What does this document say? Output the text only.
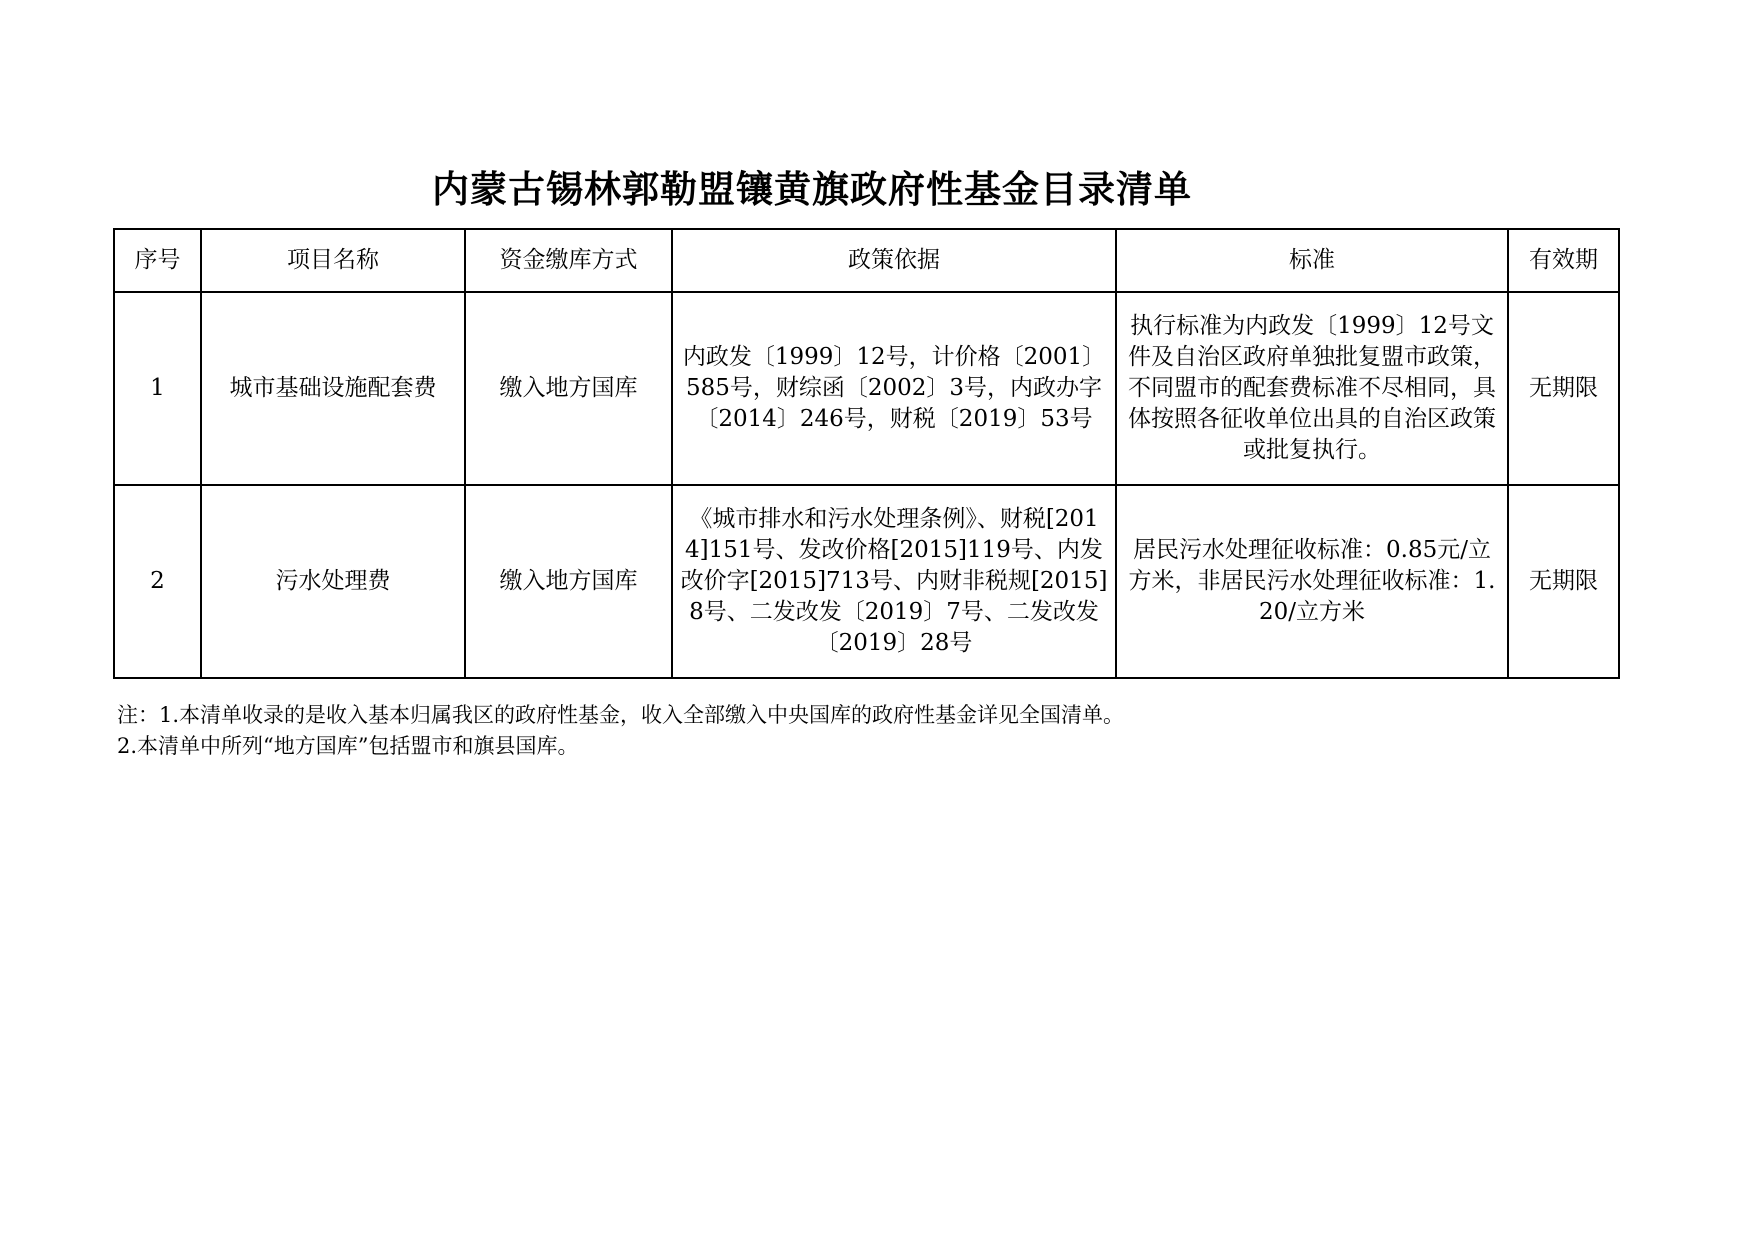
内蒙古锡林郭勒盟镶黄旗政府性基金目录清单
序号	项目名称	资金缴库方式	政策依据	标准	有效期
1	城市基础设施配套费	缴入地方国库	内政发〔1999〕12号，计价格〔2001〕585号，财综函〔2002〕3号，内政办字〔2014〕246号，财税〔2019〕53号	执行标准为内政发〔1999〕12号文件及自治区政府单独批复盟市政策，不同盟市的配套费标准不尽相同，具体按照各征收单位出具的自治区政策或批复执行。	无期限
2	污水处理费	缴入地方国库	《城市排水和污水处理条例》、财税[2014]151号、发改价格[2015]119号、内发改价字[2015]713号、内财非税规[2015]8号、二发改发〔2019〕7号、二发改发〔2019〕28号	居民污水处理征收标准：0.85元/立方米，非居民污水处理征收标准：1.20/立方米	无期限
注：1.本清单收录的是收入基本归属我区的政府性基金，收入全部缴入中央国库的政府性基金详见全国清单。
2.本清单中所列“地方国库”包括盟市和旗县国库。
